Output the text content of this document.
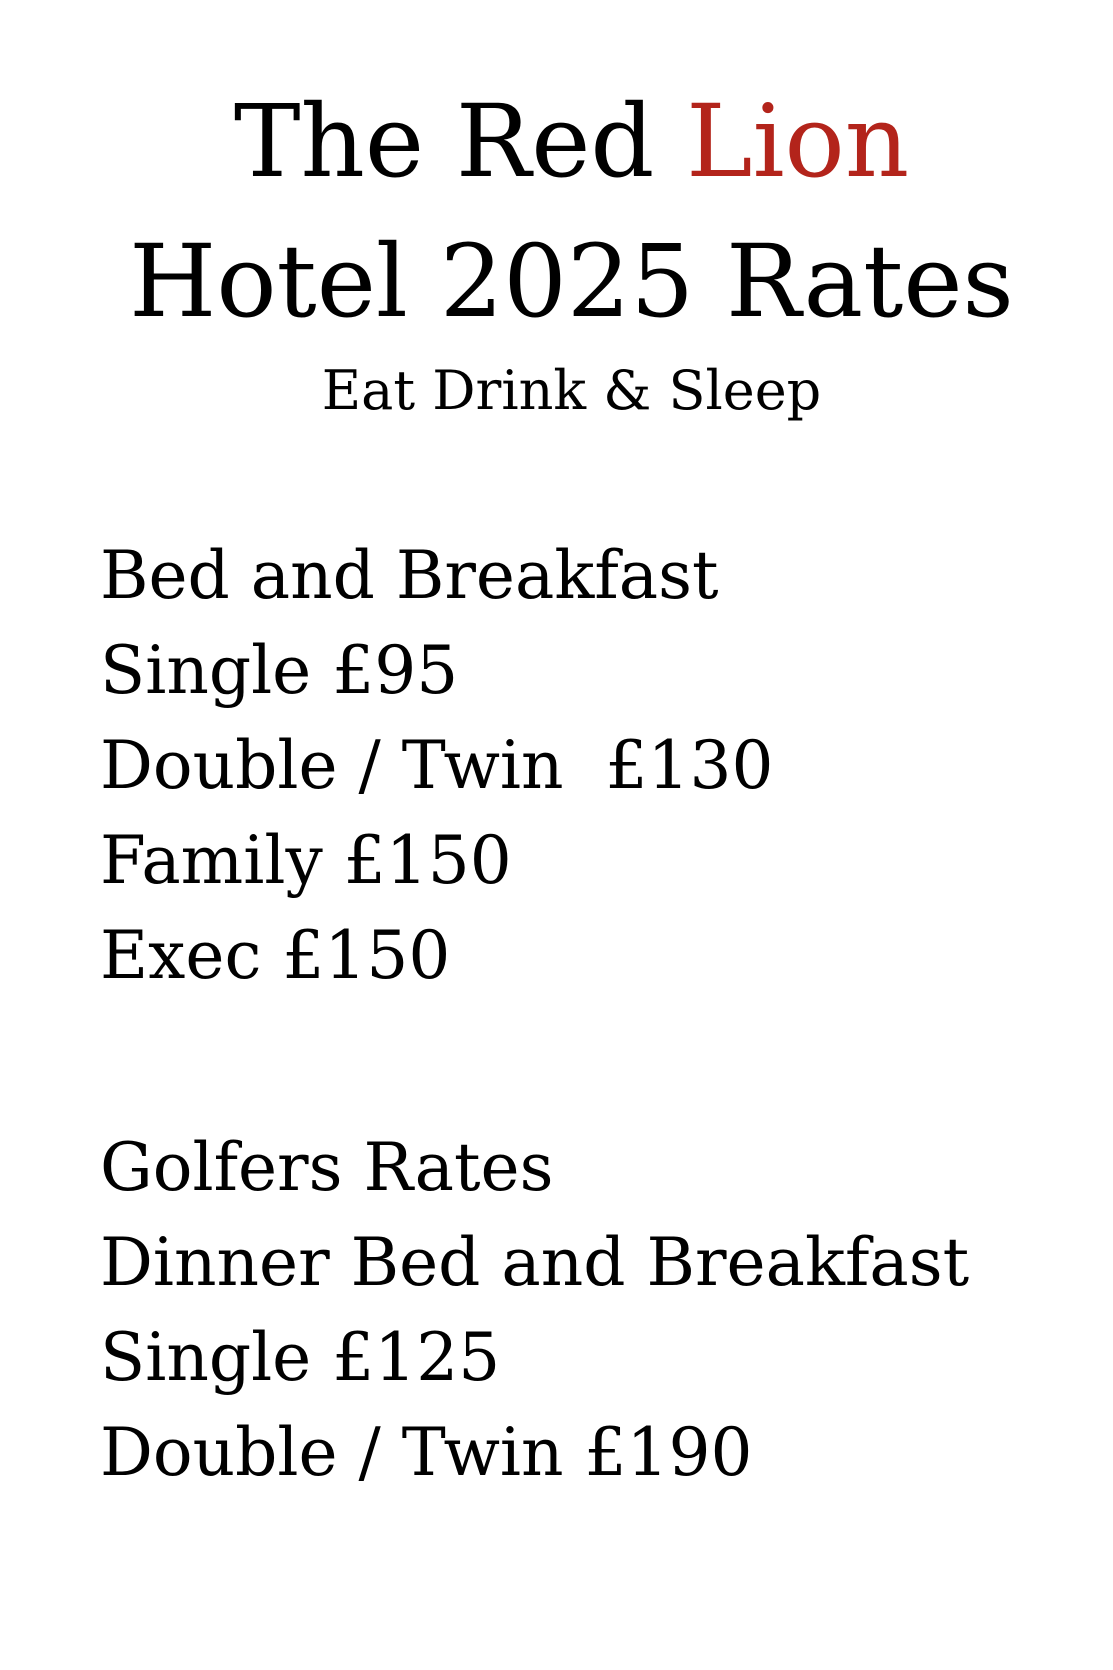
The Red Lion
Hotel 2025 Rates
Eat Drink & Sleep
Bed and Breakfast
Single £95
Double / Twin  £130
Family £150
Exec £150
Golfers Rates
Dinner Bed and Breakfast
Single £125
Double / Twin £190
